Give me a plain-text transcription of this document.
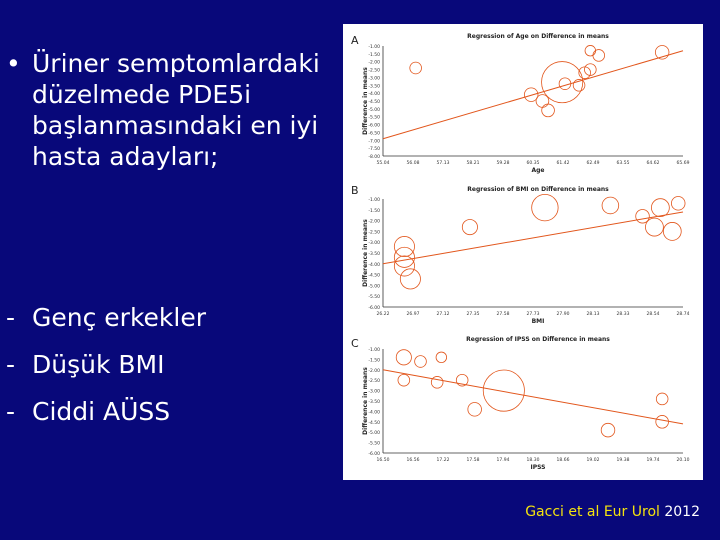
• Üriner semptomlardaki düzelmede PDE5i başlanmasındaki en iyi hasta adayları;
- Genç erkekler
- Düşük BMI
- Ciddi AÜSS
A	Regression of Age on Difference in means
-1.00
-1.50
-2.00
-2.50
-3.00
-3.50
-4.00
-4.50
-5.00
-5.50
-6.00
-6.50
-7.00
-7.50
-8.00
55.04	56.08	57.13	58.21	59.28	60.35	61.42	62.49	63.55	64.62	65.69
Age
Difference in means
B	Regression of BMI on Difference in means
-1.00
-1.50
-2.00
-2.50
-3.00
-3.50
-4.00
-4.50
-5.00
-5.50
-6.00
26.22	26.97	27.12	27.35	27.58	27.73	27.90	28.13	28.33	28.54	28.74
BMI
Difference in means
C	Regression of IPSS on Difference in means
-1.00
-1.50
-2.00
-2.50
-3.00
-3.50
-4.00
-4.50
-5.00
-5.50
-6.00
16.50	16.56	17.22	17.58	17.94	18.30	18.66	19.02	19.38	19.74	20.10
IPSS
Difference in means
Gacci et al Eur Urol 2012
